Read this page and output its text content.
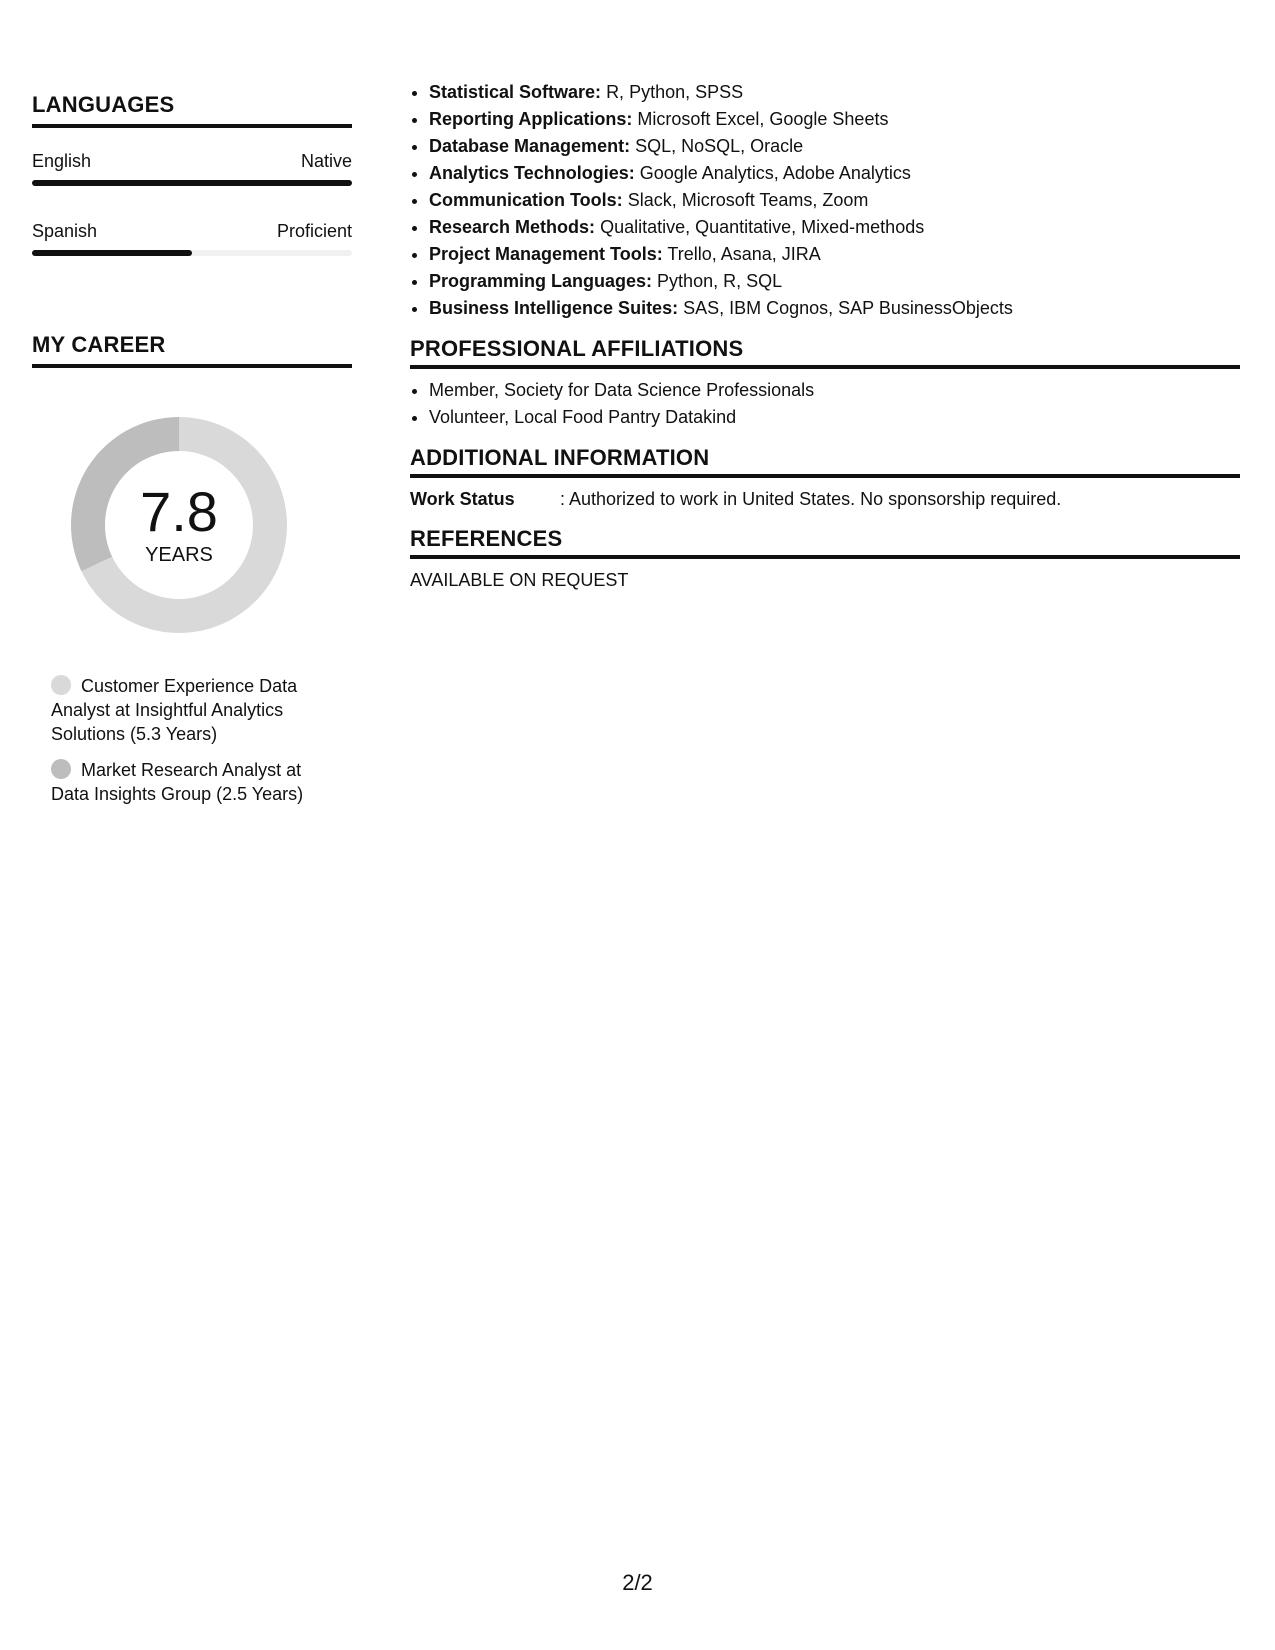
LANGUAGES
English	Native
Spanish	Proficient
MY CAREER
7.8
YEARS
Customer Experience Data Analyst at Insightful Analytics Solutions (5.3 Years)
Market Research Analyst at Data Insights Group (2.5 Years)
• Statistical Software: R, Python, SPSS
• Reporting Applications: Microsoft Excel, Google Sheets
• Database Management: SQL, NoSQL, Oracle
• Analytics Technologies: Google Analytics, Adobe Analytics
• Communication Tools: Slack, Microsoft Teams, Zoom
• Research Methods: Qualitative, Quantitative, Mixed-methods
• Project Management Tools: Trello, Asana, JIRA
• Programming Languages: Python, R, SQL
• Business Intelligence Suites: SAS, IBM Cognos, SAP BusinessObjects
PROFESSIONAL AFFILIATIONS
• Member, Society for Data Science Professionals
• Volunteer, Local Food Pantry Datakind
ADDITIONAL INFORMATION
Work Status	: Authorized to work in United States. No sponsorship required.
REFERENCES
AVAILABLE ON REQUEST
2/2
